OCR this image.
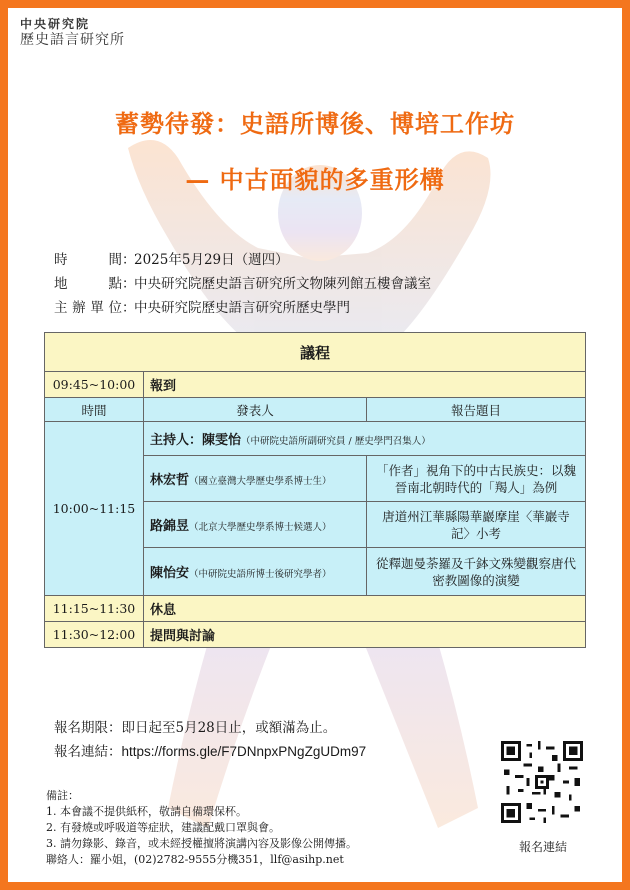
中央研究院
歷史語言研究所
蓄勢待發：史語所博後、博培工作坊
— 中古面貌的多重形構
時間 ：
2025年5月29日（週四）
地點 ：
中央研究院歷史語言研究所文物陳列館五樓會議室
主辦單位 ：
中央研究院歷史語言研究所歷史學門
議程		
09:45~10:00	報到	
時間	發表人	報告題目
10:00~11:15	主持人：陳雯怡（中研院史語所副研究員 / 歷史學門召集人）	
	林宏哲（國立臺灣大學歷史學系博士生）	「作者」視角下的中古民族史：以魏晉南北朝時代的「羯人」為例
	路錦昱（北京大學歷史學系博士候選人）	唐道州江華縣陽華巖摩崖〈華巖寺記〉小考
	陳怡安（中研院史語所博士後研究學者）	從釋迦曼荼羅及千鉢文殊變觀察唐代密教圖像的演變
11:15~11:30	休息	
11:30~12:00	提問與討論	
報名期限：即日起至5月28日止，或額滿為止。
報名連結：https://forms.gle/F7DNnpxPNgZgUDm97
備註：
1. 本會議不提供紙杯，敬請自備環保杯。
2. 有發燒或呼吸道等症狀，建議配戴口罩與會。
3. 請勿錄影、錄音，或未經授權擅將演講內容及影像公開傳播。
聯絡人：羅小姐，(02)2782-9555分機351，llf@asihp.net
報名連結
